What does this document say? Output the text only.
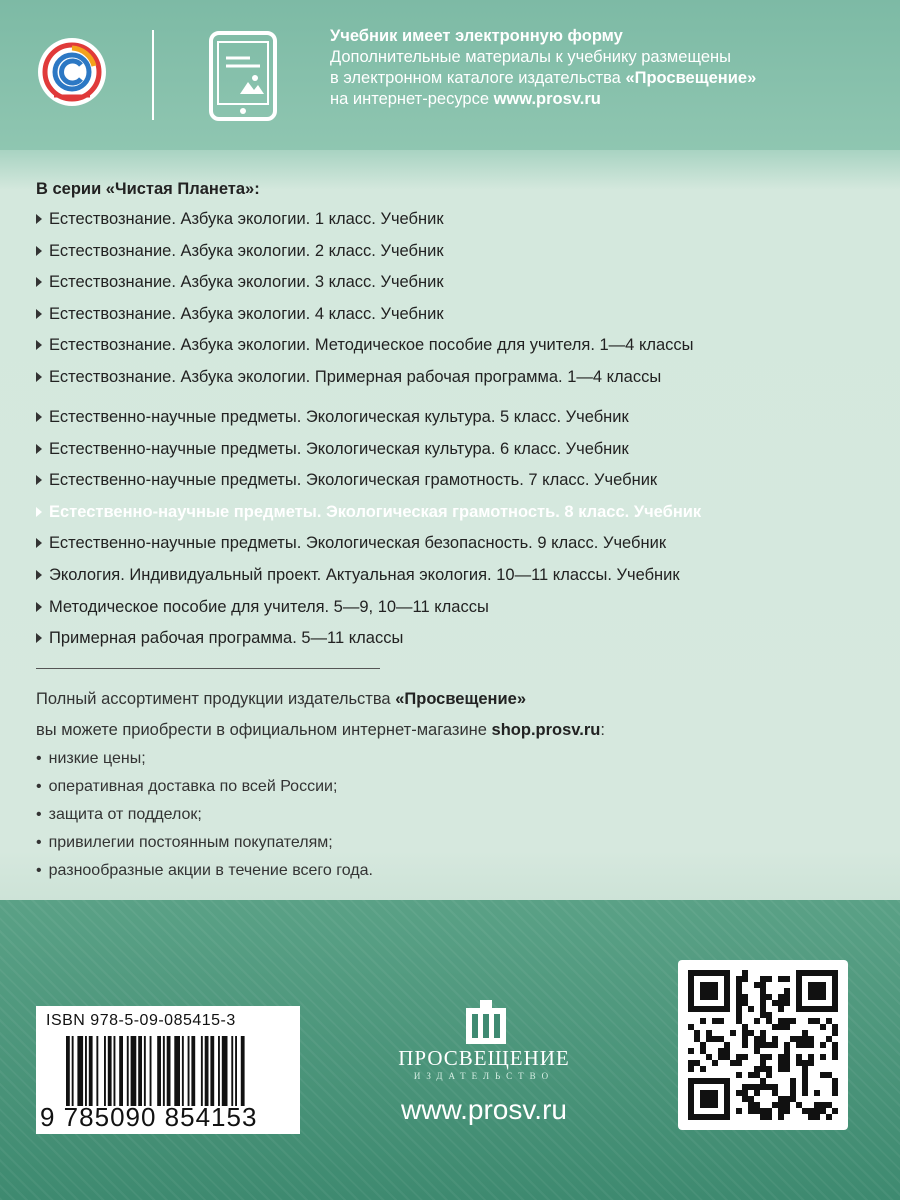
Учебник имеет электронную форму
Дополнительные материалы к учебнику размещены
в электронном каталоге издательства «Просвещение»
на интернет-ресурсе www.prosv.ru
В серии «Чистая Планета»:
Естествознание. Азбука экологии. 1 класс. Учебник
Естествознание. Азбука экологии. 2 класс. Учебник
Естествознание. Азбука экологии. 3 класс. Учебник
Естествознание. Азбука экологии. 4 класс. Учебник
Естествознание. Азбука экологии. Методическое пособие для учителя. 1—4 классы
Естествознание. Азбука экологии. Примерная рабочая программа. 1—4 классы
Естественно-научные предметы. Экологическая культура. 5 класс. Учебник
Естественно-научные предметы. Экологическая культура. 6 класс. Учебник
Естественно-научные предметы. Экологическая грамотность. 7 класс. Учебник
Естественно-научные предметы. Экологическая грамотность. 8 класс. Учебник
Естественно-научные предметы. Экологическая безопасность. 9 класс. Учебник
Экология. Индивидуальный проект. Актуальная экология. 10—11 классы. Учебник
Методическое пособие для учителя. 5—9, 10—11 классы
Примерная рабочая программа. 5—11 классы
Полный ассортимент продукции издательства «Просвещение»
вы можете приобрести в официальном интернет-магазине shop.prosv.ru:
• низкие цены;
• оперативная доставка по всей России;
• защита от подделок;
• привилегии постоянным покупателям;
• разнообразные акции в течение всего года.
ISBN 978-5-09-085415-3
9 785090 854153
ПРОСВЕЩЕНИЕ
ИЗДАТЕЛЬСТВО
www.prosv.ru
